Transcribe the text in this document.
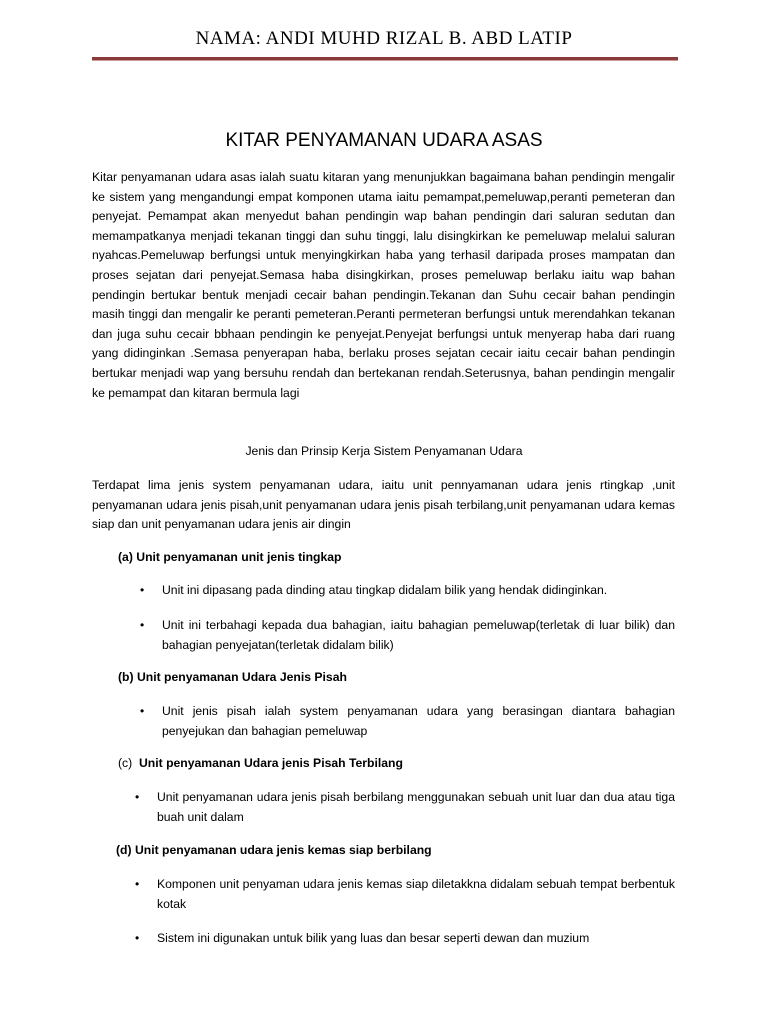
NAMA: ANDI MUHD RIZAL B. ABD LATIP
KITAR PENYAMANAN UDARA ASAS
Kitar penyamanan udara asas ialah suatu kitaran yang menunjukkan bagaimana bahan pendingin mengalir ke sistem yang mengandungi empat komponen utama iaitu pemampat,pemeluwap,peranti pemeteran dan penyejat. Pemampat akan menyedut bahan pendingin wap bahan pendingin dari saluran sedutan dan memampatkanya menjadi tekanan tinggi dan suhu tinggi, lalu disingkirkan ke pemeluwap melalui saluran nyahcas.Pemeluwap berfungsi untuk menyingkirkan haba yang terhasil daripada proses mampatan dan proses sejatan dari penyejat.Semasa haba disingkirkan, proses pemeluwap berlaku iaitu wap bahan pendingin bertukar bentuk menjadi cecair bahan pendingin.Tekanan dan Suhu cecair bahan pendingin masih tinggi dan mengalir ke peranti pemeteran.Peranti permeteran berfungsi untuk merendahkan tekanan dan juga suhu cecair bbhaan pendingin ke penyejat.Penyejat berfungsi untuk menyerap haba dari ruang yang didinginkan .Semasa penyerapan haba, berlaku proses sejatan cecair iaitu cecair bahan pendingin bertukar menjadi wap yang bersuhu rendah dan bertekanan rendah.Seterusnya, bahan pendingin mengalir ke pemampat dan kitaran bermula lagi
Jenis dan Prinsip Kerja Sistem Penyamanan Udara
Terdapat lima jenis system penyamanan udara, iaitu unit pennyamanan udara jenis rtingkap ,unit penyamanan udara jenis pisah,unit penyamanan udara jenis pisah terbilang,unit penyamanan udara kemas siap dan unit penyamanan udara jenis air dingin
(a) Unit penyamanan unit jenis tingkap
• Unit ini dipasang pada dinding atau tingkap didalam bilik yang hendak didinginkan.
• Unit ini terbahagi kepada dua bahagian, iaitu bahagian pemeluwap(terletak di luar bilik) dan bahagian penyejatan(terletak didalam bilik)
(b) Unit penyamanan Udara Jenis Pisah
• Unit jenis pisah ialah system penyamanan udara yang berasingan diantara bahagian penyejukan dan bahagian pemeluwap
(c) Unit penyamanan Udara jenis Pisah Terbilang
• Unit penyamanan udara jenis pisah berbilang menggunakan sebuah unit luar dan dua atau tiga buah unit dalam
(d) Unit penyamanan udara jenis kemas siap berbilang
• Komponen unit penyaman udara jenis kemas siap diletakkna didalam sebuah tempat berbentuk kotak
• Sistem ini digunakan untuk bilik yang luas dan besar seperti dewan dan muzium
